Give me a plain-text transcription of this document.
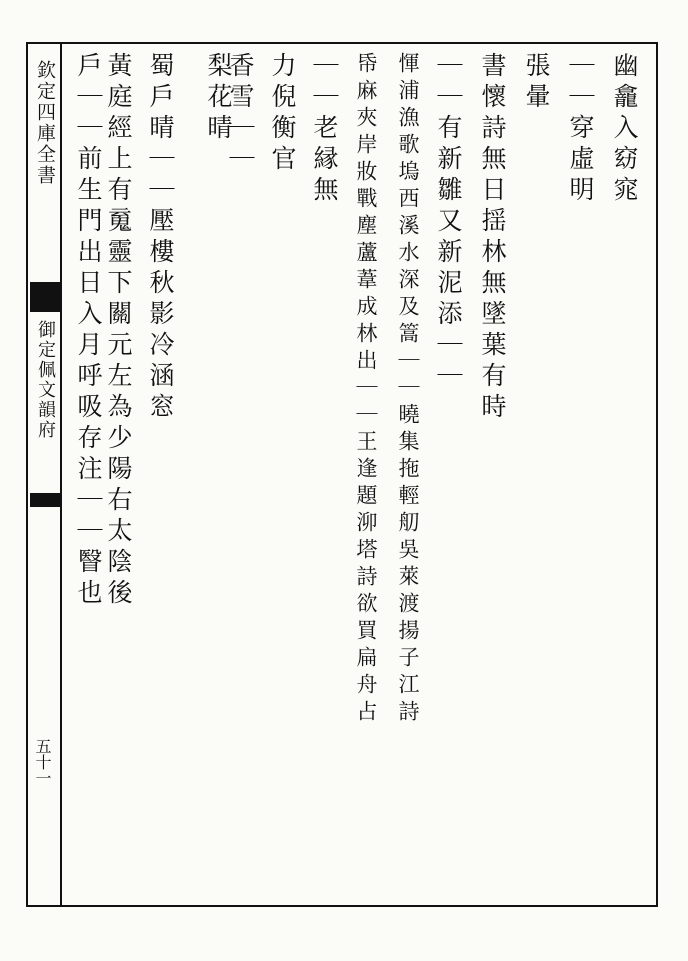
欽定四庫全書
御定佩文韻府
五十一
幽龕入窈窕
｜｜穿虛明
張暈
書懷詩無日揺林無墜葉有時
｜｜有新雛又新泥添｜｜
惲浦漁歌塢西溪水深及篙｜｜曉集拖輕舠吳萊渡揚子江詩
帋麻夾岸妝戰塵蘆葦成林出｜｜王逢題泖塔詩欲買扁舟占
｜｜老縁無
力倪衡官
香雪｜｜
梨花晴
蜀戶晴｜｜壓樓秋影冷涵窓
戶｜｜前生門出日入月呼吸存注｜｜瞖也 黃庭經上有䰟靈下關元左為少陽右太陰後
